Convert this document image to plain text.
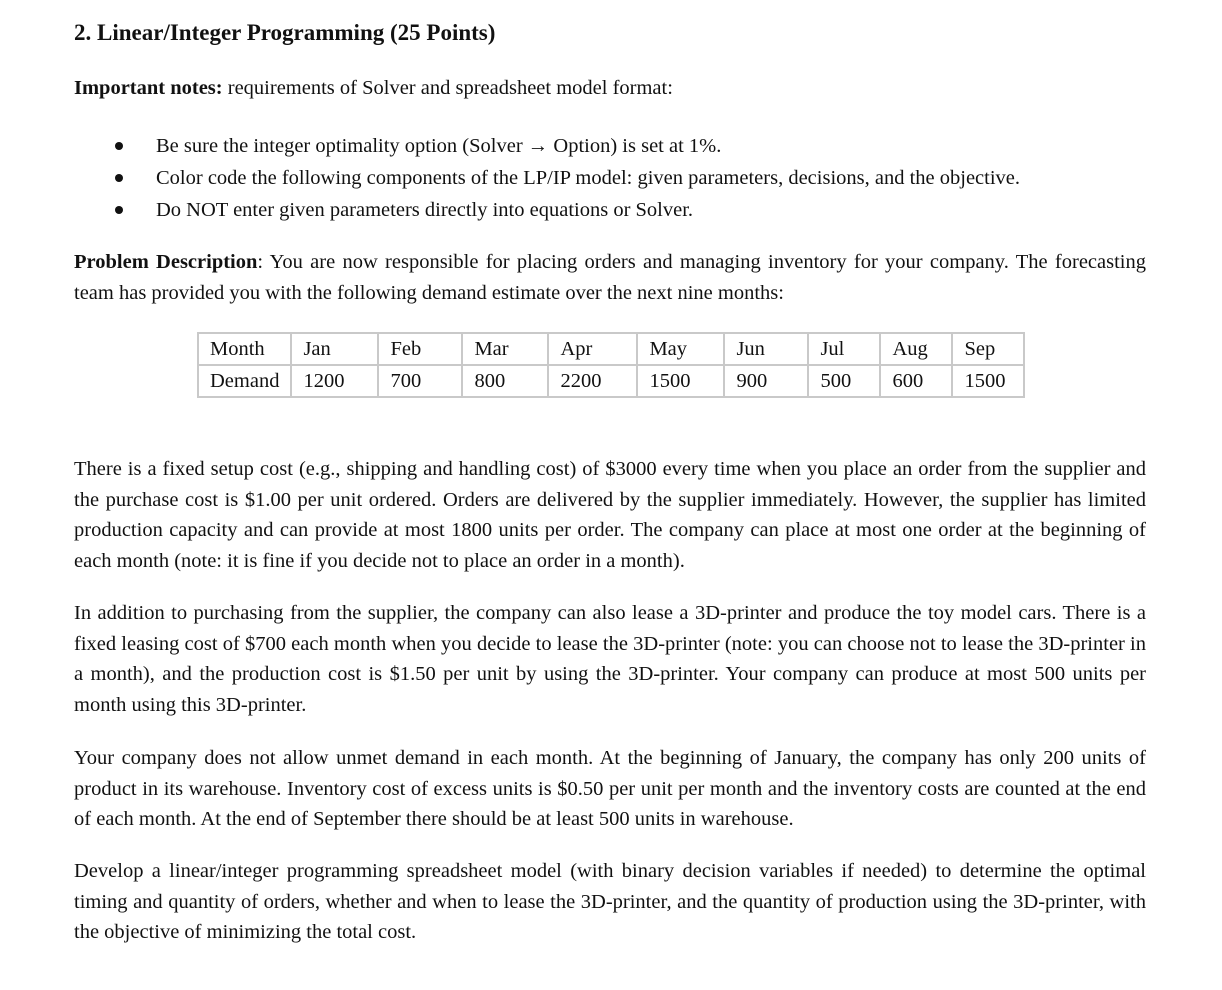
2. Linear/Integer Programming (25 Points)

Important notes: requirements of Solver and spreadsheet model format:

Be sure the integer optimality option (Solver → Option) is set at 1%.
Color code the following components of the LP/IP model: given parameters, decisions, and the objective.
Do NOT enter given parameters directly into equations or Solver.

Problem Description: You are now responsible for placing orders and managing inventory for your company. The forecasting team has provided you with the following demand estimate over the next nine months:

Month	Jan	Feb	Mar	Apr	May	Jun	Jul	Aug	Sep
Demand	1200	700	800	2200	1500	900	500	600	1500

There is a fixed setup cost (e.g., shipping and handling cost) of $3000 every time when you place an order from the supplier and the purchase cost is $1.00 per unit ordered. Orders are delivered by the supplier immediately. However, the supplier has limited production capacity and can provide at most 1800 units per order. The company can place at most one order at the beginning of each month (note: it is fine if you decide not to place an order in a month).

In addition to purchasing from the supplier, the company can also lease a 3D-printer and produce the toy model cars. There is a fixed leasing cost of $700 each month when you decide to lease the 3D-printer (note: you can choose not to lease the 3D-printer in a month), and the production cost is $1.50 per unit by using the 3D-printer. Your company can produce at most 500 units per month using this 3D-printer.

Your company does not allow unmet demand in each month. At the beginning of January, the company has only 200 units of product in its warehouse. Inventory cost of excess units is $0.50 per unit per month and the inventory costs are counted at the end of each month. At the end of September there should be at least 500 units in warehouse.

Develop a linear/integer programming spreadsheet model (with binary decision variables if needed) to determine the optimal timing and quantity of orders, whether and when to lease the 3D-printer, and the quantity of production using the 3D-printer, with the objective of minimizing the total cost.
